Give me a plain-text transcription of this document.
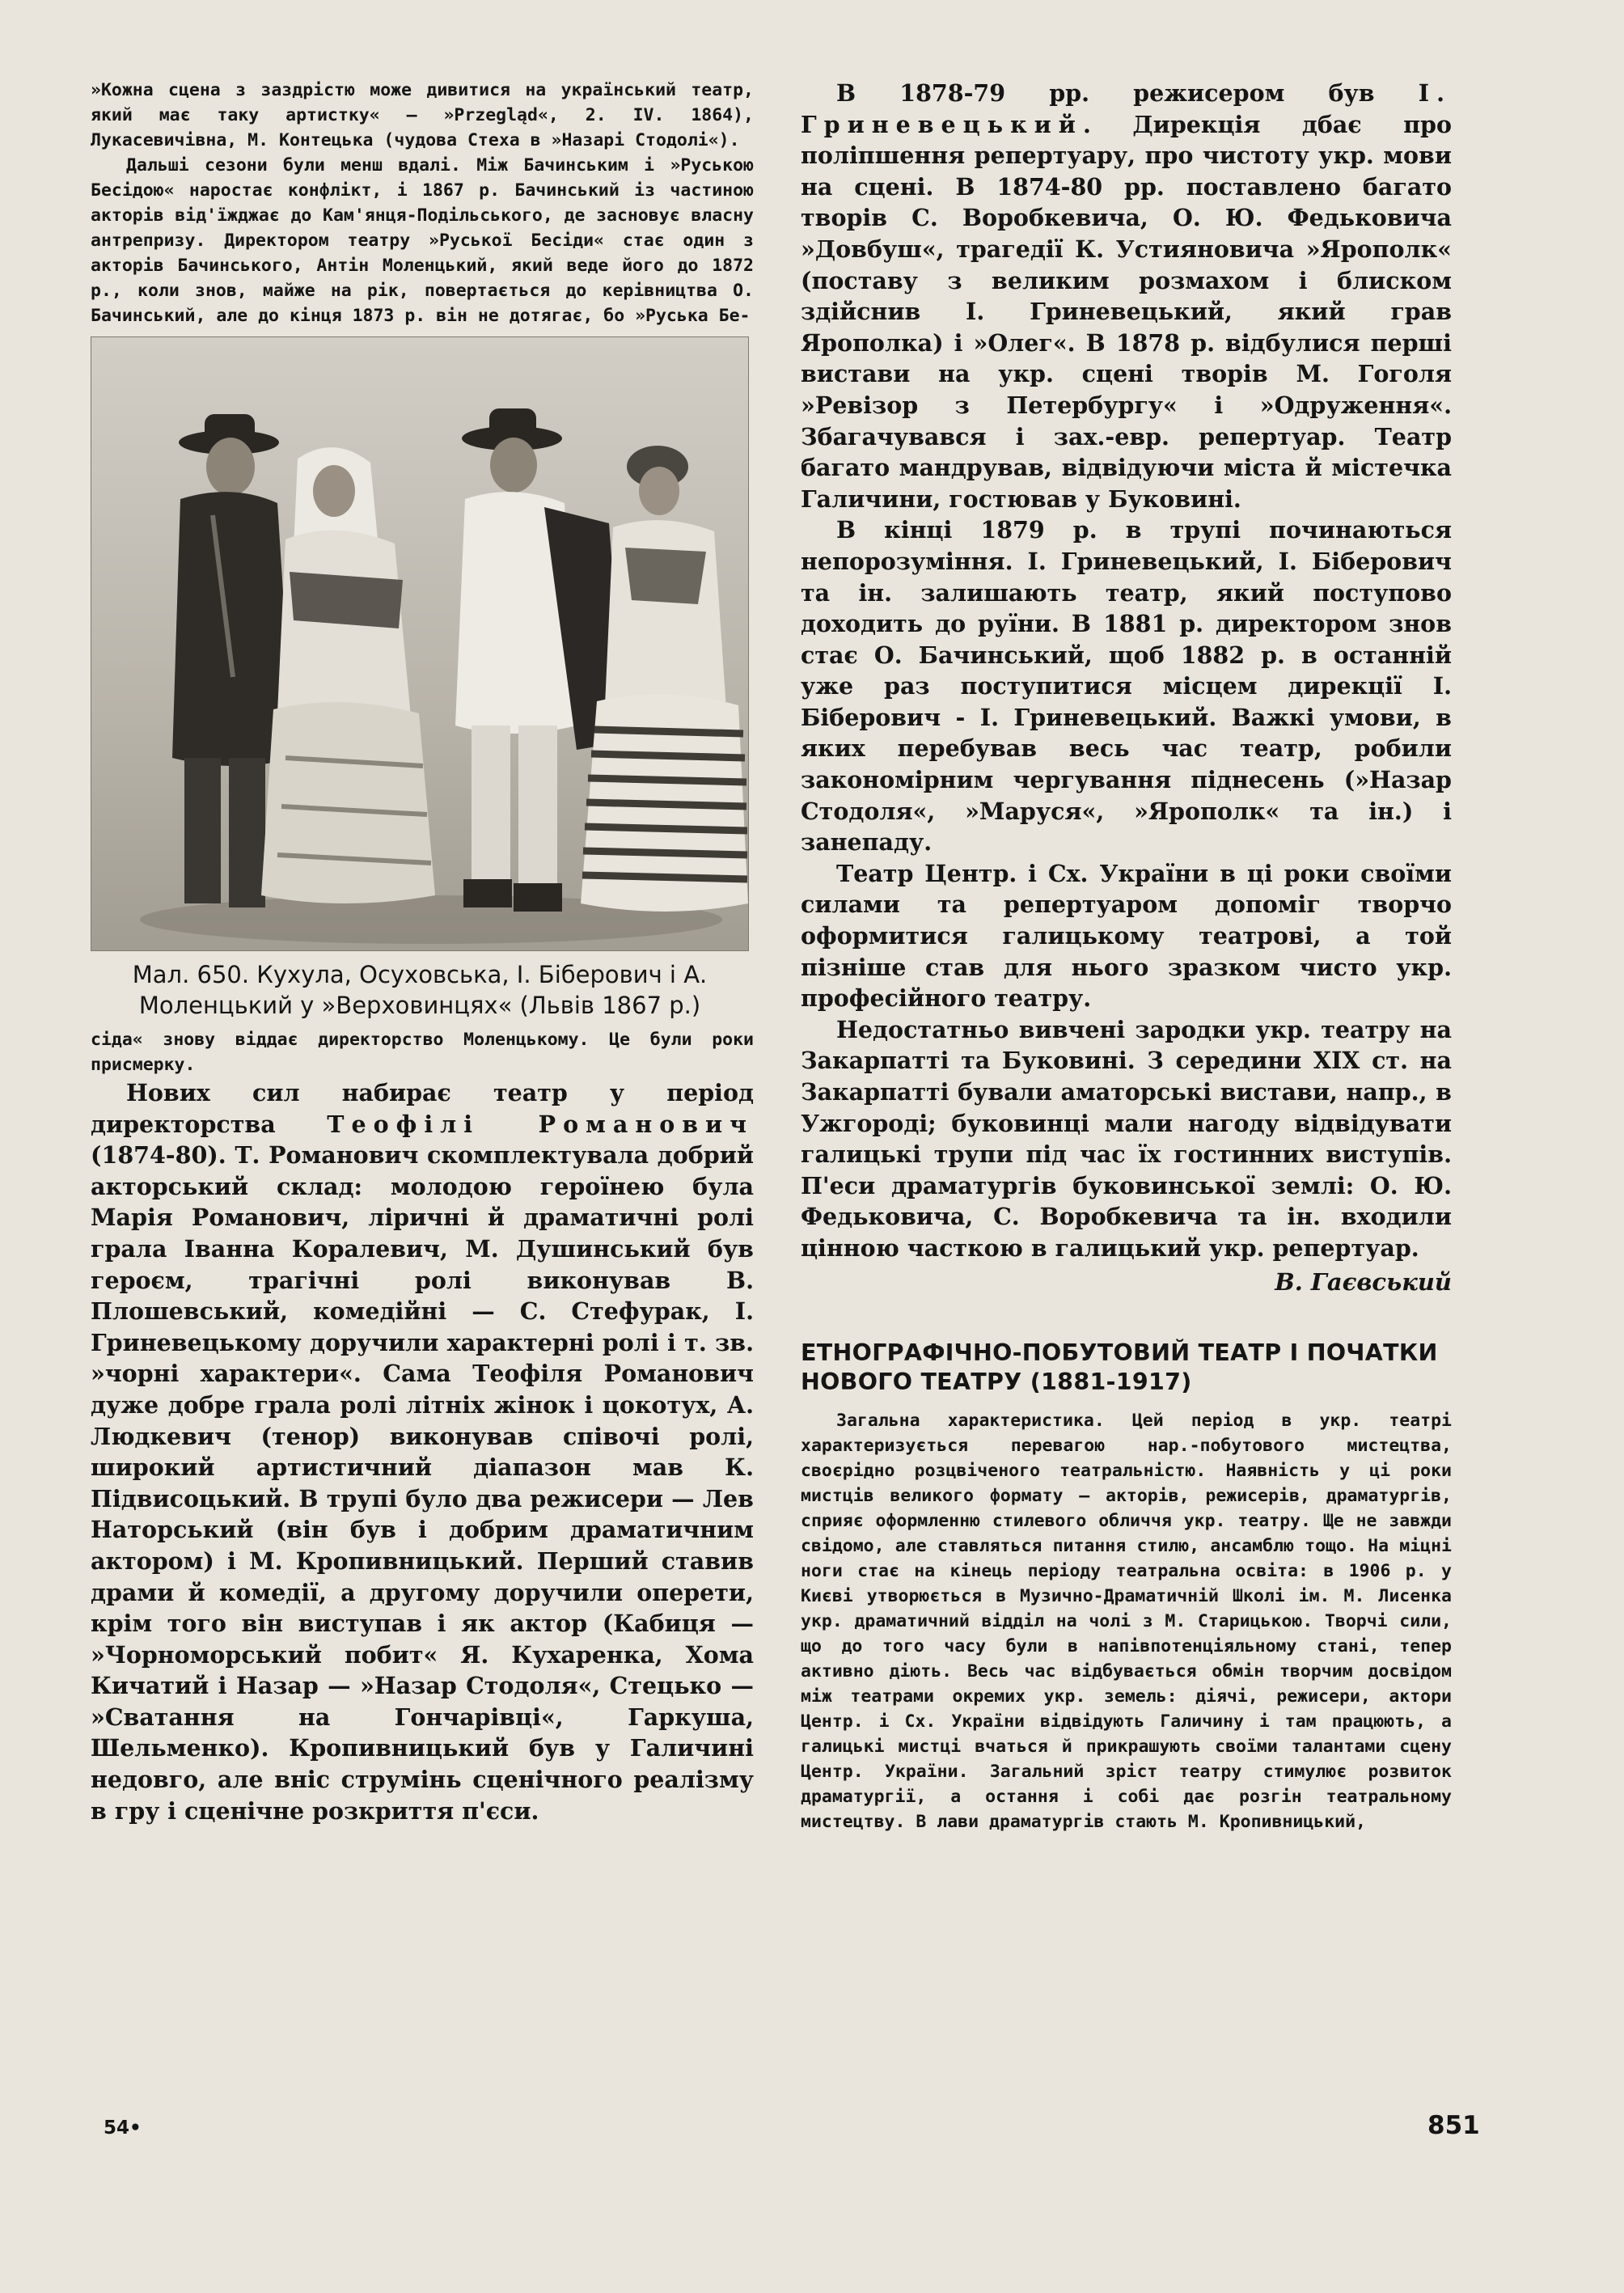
»Кожна сцена з заздрістю може дивитися на український театр, який має таку артистку« — »Przegląd«, 2. IV. 1864), Лукасевичівна, М. Контецька (чудова Стеха в »Назарі Стодолі«).

Дальші сезони були менш вдалі. Між Бачинським і »Руською Бесідою« наростає конфлікт, і 1867 р. Бачинський із частиною акторів від'їжджає до Кам'янця-Подільського, де засновує власну антрепризу. Директором театру »Руської Бесіди« стає один з акторів Бачинського, Антін Моленцький, який веде його до 1872 р., коли знов, майже на рік, повертається до керівництва О. Бачинський, але до кінця 1873 р. він не дотягає, бо »Руська Бе-

Мал. 650. Кухула, Осуховська, І. Біберович і А. Моленцький у »Верховинцях« (Львів 1867 р.)

сіда« знову віддає директорство Моленцькому. Це були роки присмерку.

Нових сил набирає театр у період директорства Теофілі Романович (1874-80). Т. Романович скомплектувала добрий акторський склад: молодою героїнею була Марія Романович, ліричні й драматичні ролі грала Іванна Коралевич, М. Душинський був героєм, трагічні ролі виконував В. Плошевський, комедійні — С. Стефурак, І. Гриневецькому доручили характерні ролі і т. зв. »чорні характери«. Сама Теофіля Романович дуже добре грала ролі літніх жінок і цокотух, А. Людкевич (тенор) виконував співочі ролі, широкий артистичний діапазон мав К. Підвисоцький. В трупі було два режисери — Лев Наторський (він був і добрим драматичним актором) і М. Кропивницький. Перший ставив драми й комедії, а другому доручили оперети, крім того він виступав і як актор (Кабиця — »Чорноморський побит« Я. Кухаренка, Хома Кичатий і Назар — »Назар Стодоля«, Стецько — »Сватання на Гончарівці«, Гаркуша, Шельменко). Кропивницький був у Галичині недовго, але вніс струмінь сценічного реалізму в гру і сценічне розкриття п'єси.

В 1878-79 рр. режисером був І. Гриневецький. Дирекція дбає про поліпшення репертуару, про чистоту укр. мови на сцені. В 1874-80 рр. поставлено багато творів С. Воробкевича, О. Ю. Федьковича »Довбуш«, трагедії К. Устияновича »Ярополк« (поставу з великим розмахом і блиском здійснив І. Гриневецький, який грав Ярополка) і »Олег«. В 1878 р. відбулися перші вистави на укр. сцені творів М. Гоголя »Ревізор з Петербургу« і »Одруження«. Збагачувався і зах.-евр. репертуар. Театр багато мандрував, відвідуючи міста й містечка Галичини, гостював у Буковині.

В кінці 1879 р. в трупі починаються непорозуміння. І. Гриневецький, І. Біберович та ін. залишають театр, який поступово доходить до руїни. В 1881 р. директором знов стає О. Бачинський, щоб 1882 р. в останній уже раз поступитися місцем дирекції І. Біберович - І. Гриневецький. Важкі умови, в яких перебував весь час театр, робили закономірним чергування піднесень (»Назар Стодоля«, »Маруся«, »Ярополк« та ін.) і занепаду.

Театр Центр. і Сх. України в ці роки своїми силами та репертуаром допоміг творчо оформитися галицькому театрові, а той пізніше став для нього зразком чисто укр. професійного театру.

Недостатньо вивчені зародки укр. театру на Закарпатті та Буковині. З середини XIX ст. на Закарпатті бували аматорські вистави, напр., в Ужгороді; буковинці мали нагоду відвідувати галицькі трупи під час їх гостинних виступів. П'еси драматургів буковинської землі: О. Ю. Федьковича, С. Воробкевича та ін. входили цінною часткою в галицький укр. репертуар.

В. Гаєвський

ЕТНОГРАФІЧНО-ПОБУТОВИЙ ТЕАТР І ПОЧАТКИ НОВОГО ТЕАТРУ (1881-1917)

Загальна характеристика. Цей період в укр. театрі характеризується перевагою нар.-побутового мистецтва, своєрідно розцвіченого театральністю. Наявність у ці роки мистців великого формату — акторів, режисерів, драматургів, сприяє оформленню стилевого обличчя укр. театру. Ще не завжди свідомо, але ставляться питання стилю, ансамблю тощо. На міцні ноги стає на кінець періоду театральна освіта: в 1906 р. у Києві утворюється в Музично-Драматичній Школі ім. М. Лисенка укр. драматичний відділ на чолі з М. Старицькою. Творчі сили, що до того часу були в напівпотенціяльному стані, тепер активно діють. Весь час відбувається обмін творчим досвідом між театрами окремих укр. земель: діячі, режисери, актори Центр. і Сх. України відвідують Галичину і там працюють, а галицькі мистці вчаться й прикрашують своїми талантами сцену Центр. України. Загальний зріст театру стимулює розвиток драматургії, а остання і собі дає розгін театральному мистецтву. В лави драматургів стають М. Кропивницький,

54•	851
